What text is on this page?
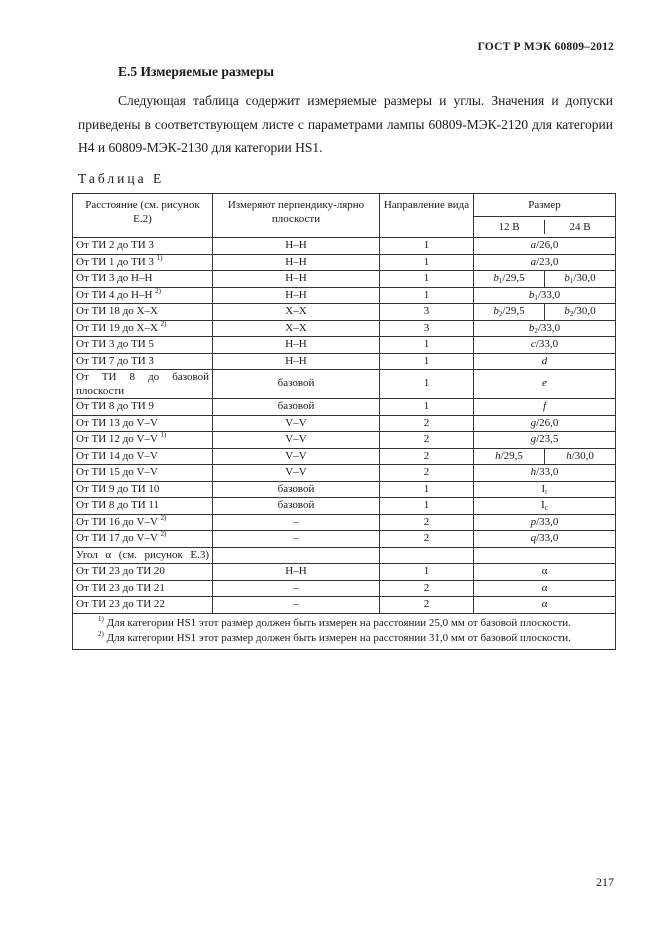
ГОСТ Р МЭК 60809–2012
Е.5 Измеряемые размеры
Следующая таблица содержит измеряемые размеры и углы. Значения и допуски приведены в соответствующем листе с параметрами лампы 60809-МЭК-2120 для категории Н4 и 60809-МЭК-2130 для категории HS1.
Таблица Е
Расстояние (см. рисунок Е.2)	Измеряют перпендику-лярно плоскости	Направление вида	Размер

			12 В 24 В

От ТИ 2 до ТИ 3	Н–Н	1	a/26,0
От ТИ 1 до ТИ 3 $^{1)}$	Н–Н	1	a/23,0
От ТИ 3 до Н–Н	Н–Н	1	$b_1/29,5$ $b_1/30,0$

От ТИ 4 до Н–Н $^{2)}$	Н–Н	1	$b_1/33,0$
От ТИ 18 до Х–Х	Х–Х	3	$b_2/29,5$ $b_2/30,0$

От ТИ 19 до Х–Х $^{2)}$	Х–Х	3	$b_2/33,0$
От ТИ 3 до ТИ 5	Н–Н	1	c/33,0
От ТИ 7 до ТИ 3	Н–Н	1	d
От ТИ 8 до базовой плоскости	базовой	1	e
От ТИ 8 до ТИ 9	базовой	1	f
От ТИ 13 до V–V	V–V	2	g/26,0
От ТИ 12 до V–V $^{1)}$	V–V	2	g/23,5
От ТИ 14 до V–V	V–V	2	h/29,5 h/30,0

От ТИ 15 до V–V	V–V	2	h/33,0
От ТИ 9 до ТИ 10	базовой	1	$I_r$
От ТИ 8 до ТИ 11	базовой	1	$I_c$
От ТИ 16 до V–V $^{2)}$	–	2	p/33,0
От ТИ 17 до V–V $^{2)}$	–	2	q/33,0
Угол α (см. рисунок Е.3)			
От ТИ 23 до ТИ 20	Н–Н	1	α
От ТИ 23 до ТИ 21	–	2	α
От ТИ 23 до ТИ 22	–	2	α

$^{1)}$ Для категории HS1 этот размер должен быть измерен на расстоянии 25,0 мм от базовой плоскости.

$^{2)}$ Для категории HS1 этот размер должен быть измерен на расстоянии 31,0 мм от базовой плоскости.			

217
